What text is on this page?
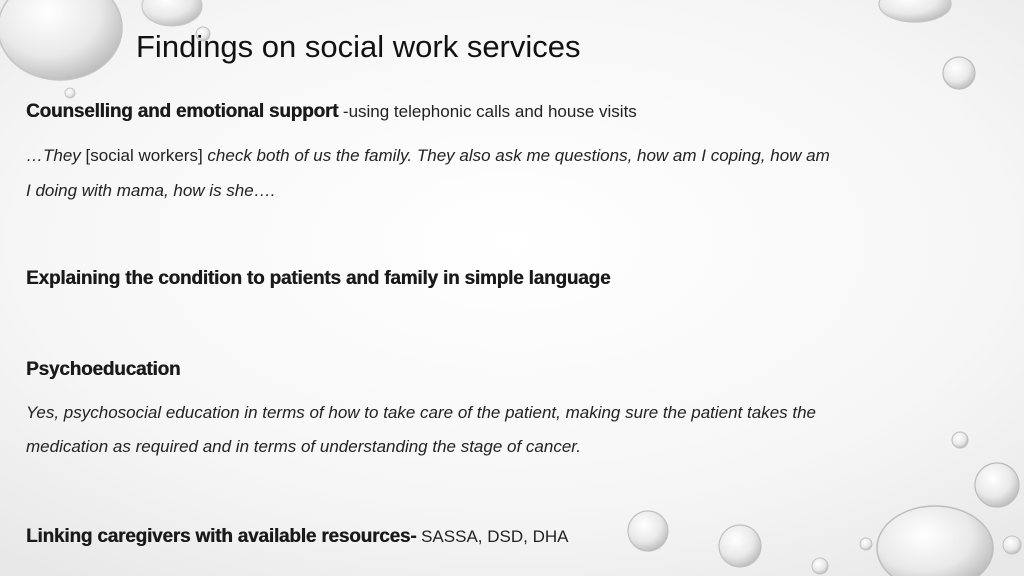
Findings on social work services
Counselling and emotional support -using telephonic calls and house visits
…They [social workers] check both of us the family. They also ask me questions, how am I coping, how am
I doing with mama, how is she….
Explaining the condition to patients and family in simple language
Psychoeducation
Yes, psychosocial education in terms of how to take care of the patient, making sure the patient takes the
medication as required and in terms of understanding the stage of cancer.
Linking caregivers with available resources- SASSA, DSD, DHA
